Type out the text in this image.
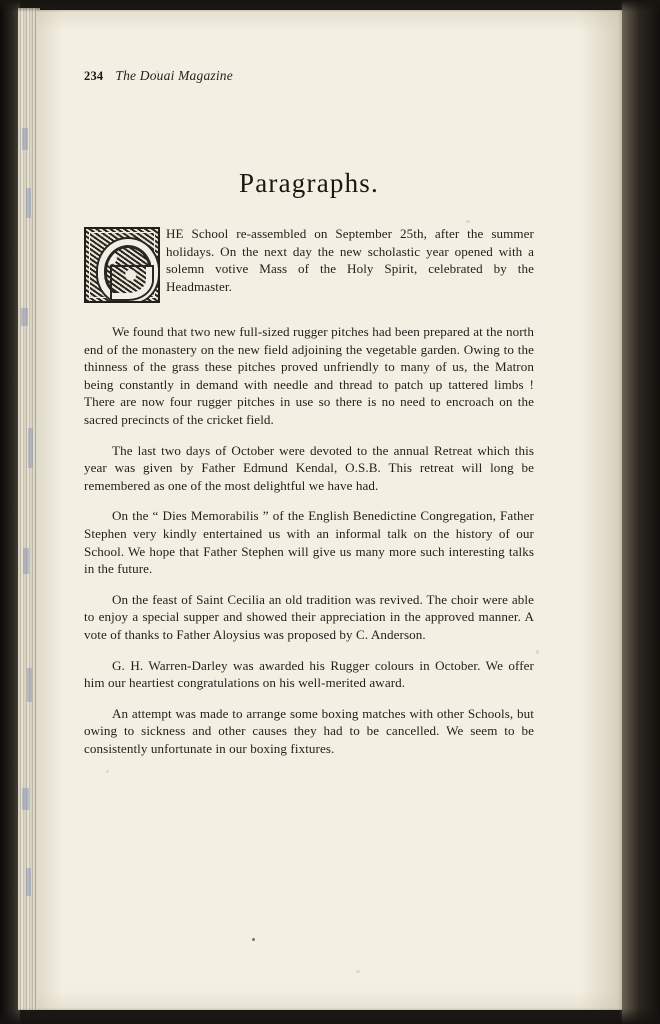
234 The Douai Magazine
Paragraphs.

HE School re-assembled on September 25th, after the summer holidays. On the next day the new scholastic year opened with a solemn votive Mass of the Holy Spirit, celebrated by the Headmaster.

We found that two new full-sized rugger pitches had been prepared at the north end of the monastery on the new field adjoining the vegetable garden. Owing to the thinness of the grass these pitches proved unfriendly to many of us, the Matron being constantly in demand with needle and thread to patch up tattered limbs ! There are now four rugger pitches in use so there is no need to encroach on the sacred precincts of the cricket field.

The last two days of October were devoted to the annual Retreat which this year was given by Father Edmund Kendal, O.S.B. This retreat will long be remembered as one of the most delightful we have had.

On the “ Dies Memorabilis ” of the English Benedictine Congregation, Father Stephen very kindly entertained us with an informal talk on the history of our School. We hope that Father Stephen will give us many more such interesting talks in the future.

On the feast of Saint Cecilia an old tradition was revived. The choir were able to enjoy a special supper and showed their appreciation in the approved manner. A vote of thanks to Father Aloysius was proposed by C. Anderson.

G. H. Warren-Darley was awarded his Rugger colours in October. We offer him our heartiest congratulations on his well-merited award.

An attempt was made to arrange some boxing matches with other Schools, but owing to sickness and other causes they had to be cancelled. We seem to be consistently unfortunate in our boxing fixtures.
